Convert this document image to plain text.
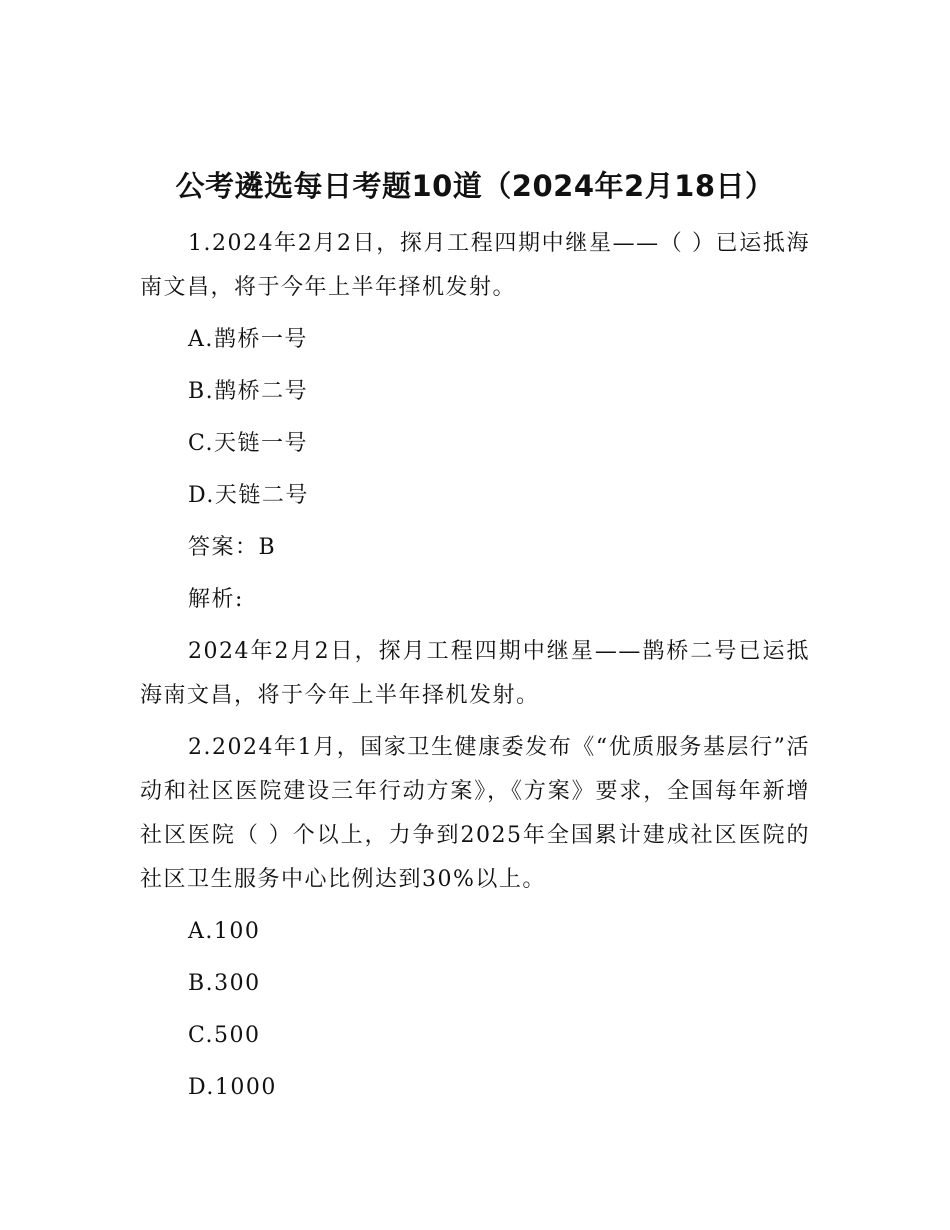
公考遴选每日考题10道（2024年2月18日）

1.2024年2月2日，探月工程四期中继星——（ ）已运抵海南文昌，将于今年上半年择机发射。

A.鹊桥一号

B.鹊桥二号

C.天链一号

D.天链二号

答案：B

解析:

2024年2月2日，探月工程四期中继星——鹊桥二号已运抵海南文昌，将于今年上半年择机发射。

2.2024年1月，国家卫生健康委发布《“优质服务基层行”活动和社区医院建设三年行动方案》，《方案》要求，全国每年新增社区医院（ ）个以上，力争到2025年全国累计建成社区医院的社区卫生服务中心比例达到30%以上。

A.100

B.300

C.500

D.1000
